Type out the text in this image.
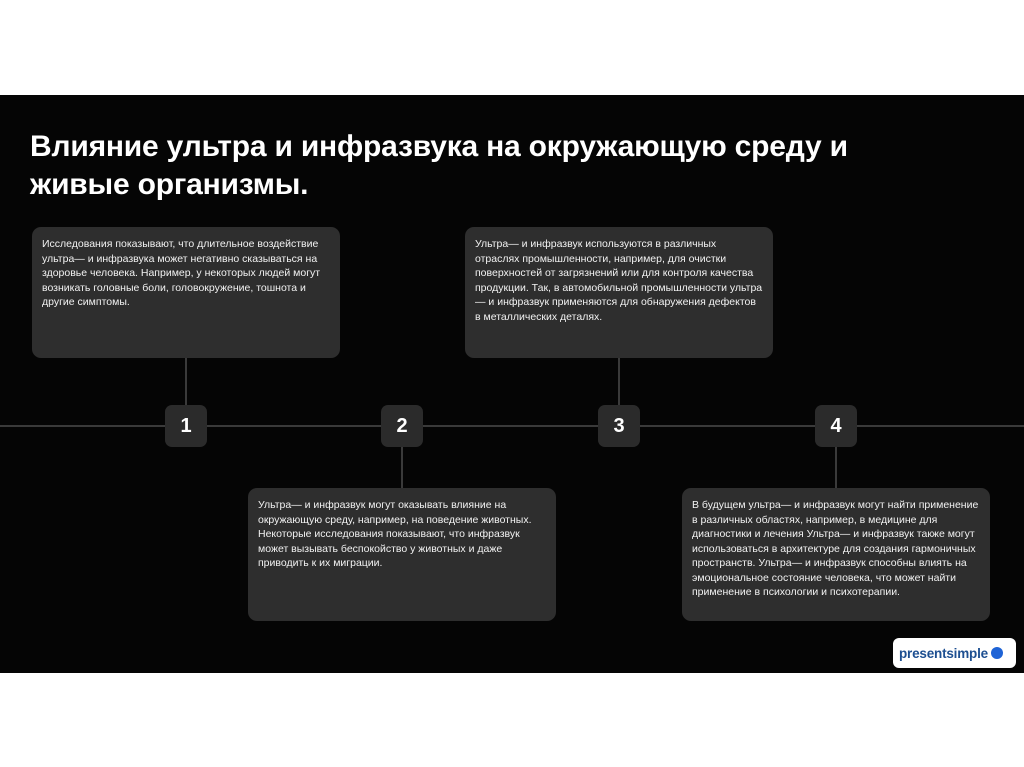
Влияние ультра и инфразвука на окружающую среду и живые организмы.
1	2	3	4
Исследования показывают, что длительное воздействие ультра— и инфразвука может негативно сказываться на здоровье человека. Например, у некоторых людей могут возникать головные боли, головокружение, тошнота и другие симптомы.
Ультра— и инфразвук могут оказывать влияние на окружающую среду, например, на поведение животных. Некоторые исследования показывают, что инфразвук может вызывать беспокойство у животных и даже приводить к их миграции.
Ультра— и инфразвук используются в различных отраслях промышленности, например, для очистки поверхностей от загрязнений или для контроля качества продукции. Так, в автомобильной промышленности ультра— и инфразвук применяются для обнаружения дефектов в металлических деталях.
В будущем ультра— и инфразвук могут найти применение в различных областях, например, в медицине для диагностики и лечения Ультра— и инфразвук также могут использоваться в архитектуре для создания гармоничных пространств. Ультра— и инфразвук способны влиять на эмоциональное состояние человека, что может найти применение в психологии и психотерапии.
presentsimple
